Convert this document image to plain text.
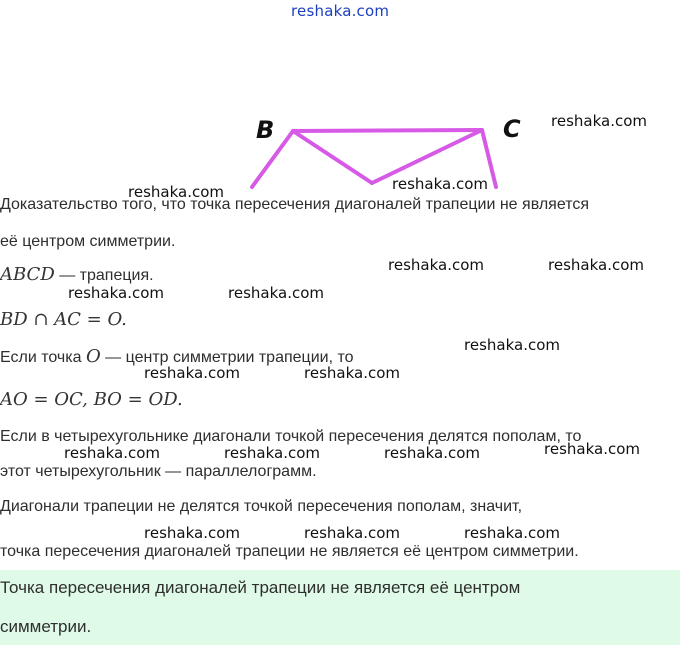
reshaka.com
B	C
Доказательство того, что точка пересечения диагоналей трапеции не является
её центром симметрии.
ABCD — трапеция.
BD ∩ AC = O.
Если точка O — центр симметрии трапеции, то
AO = OC, BO = OD.
Если в четырехугольнике диагонали точкой пересечения делятся пополам, то
этот четырехугольник — параллелограмм.
Диагонали трапеции не делятся точкой пересечения пополам, значит,
точка пересечения диагоналей трапеции не является её центром симметрии.
Точка пересечения диагоналей трапеции не является её центром
симметрии.
reshaka.com
reshaka.com	reshaka.com
reshaka.com	reshaka.com
reshaka.com	reshaka.com
reshaka.com
reshaka.com	reshaka.com
reshaka.com
reshaka.com	reshaka.com	reshaka.com
reshaka.com	reshaka.com	reshaka.com
